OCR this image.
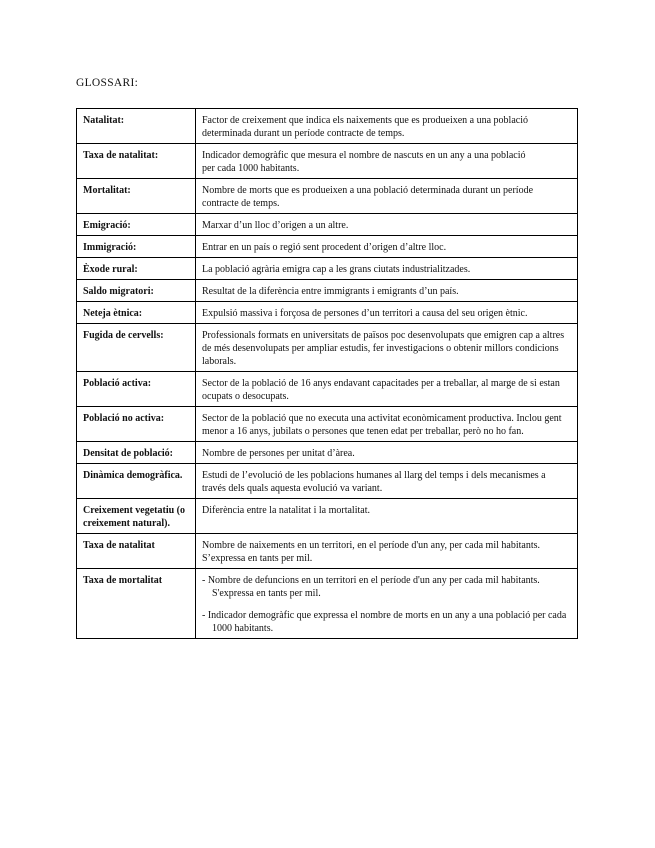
GLOSSARI:
Natalitat:	Factor de creixement que indica els naixements que es produeixen a una població determinada durant un període contracte de temps.

Taxa de natalitat:	Indicador demogràfic que mesura el nombre de nascuts en un any a una població
per cada 1000 habitants.

Mortalitat:	Nombre de morts que es produeixen a una població determinada durant un període contracte de temps.

Emigració:	Marxar d’un lloc d’origen a un altre.

Immigració:	Entrar en un país o regió sent procedent d’origen d’altre lloc.

Èxode rural:	La població agrària emigra cap a les grans ciutats industrialitzades.

Saldo migratori:	Resultat de la diferència entre immigrants i emigrants d’un país.

Neteja ètnica:	Expulsió massiva i forçosa de persones d’un territori a causa del seu origen ètnic.

Fugida de cervells:	Professionals formats en universitats de països poc desenvolupats que emigren cap a altres de més desenvolupats per ampliar estudis, fer investigacions o obtenir millors condicions laborals.

Població activa:	Sector de la població de 16 anys endavant capacitades per a treballar, al marge de si estan ocupats o desocupats.

Població no activa:	Sector de la població que no executa una activitat econòmicament productiva. Inclou gent menor a 16 anys, jubilats o persones que tenen edat per treballar, però no ho fan.

Densitat de població:	Nombre de persones per unitat d’àrea.

Dinàmica demogràfica.	Estudi de l’evolució de les poblacions humanes al llarg del temps i dels mecanismes a través dels quals aquesta evolució va variant.

Creixement vegetatiu (o creixement natural).	Diferència entre la natalitat i la mortalitat.

Taxa de natalitat	Nombre de naixements en un territori, en el període d'un any, per cada mil habitants. S’expressa en tants per mil.

Taxa de mortalitat	- Nombre de defuncions en un territori en el període d'un any per cada mil habitants. S'expressa en tants per mil.
- Indicador demogràfic que expressa el nombre de morts en un any a una població per cada 1000 habitants.
